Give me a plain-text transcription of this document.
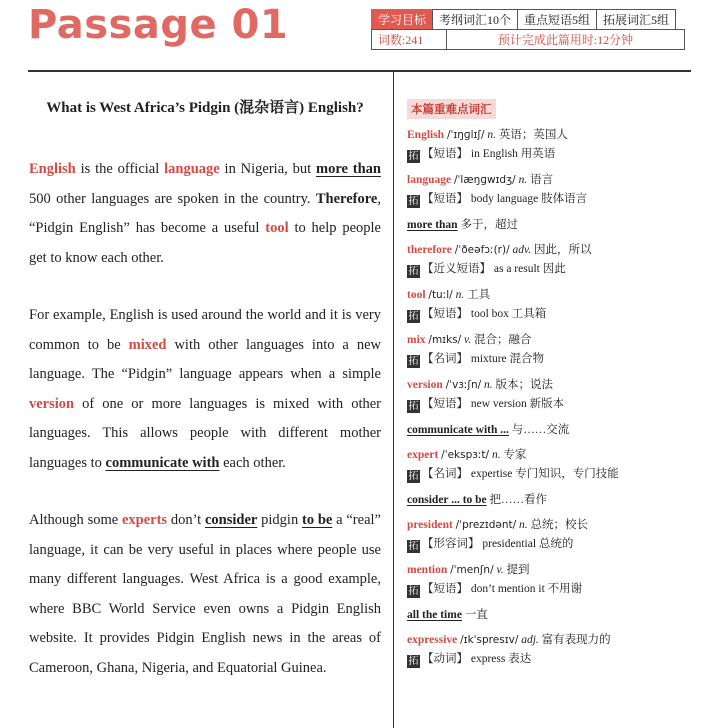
Passage 01	学习目标	考纲词汇10个	重点短语5组	拓展词汇5组
词数:241	预计完成此篇用时:12分钟
What is West Africa’s Pidgin (混杂语言) English?

English is the official language in Nigeria, but more than 500 other languages are spoken in the country. Therefore, “Pidgin English” has become a useful tool to help people get to know each other.

For example, English is used around the world and it is very common to be mixed with other languages into a new language. The “Pidgin” language appears when a simple version of one or more languages is mixed with other languages. This allows people with different mother languages to communicate with each other.

Although some experts don’t consider pidgin to be a “real” language, it can be very useful in places where people use many different languages. West Africa is a good example, where BBC World Service even owns a Pidgin English website. It provides Pidgin English news in the areas of Cameroon, Ghana, Nigeria, and Equatorial Guinea.

本篇重难点词汇
English /ˈɪŋɡlɪʃ/ n. 英语；英国人
拓 【短语】 in English 用英语
language /ˈlæŋɡwɪdʒ/ n. 语言
拓 【短语】 body language 肢体语言
more than 多于，超过
therefore /ˈðeəfɔː(r)/ adv. 因此，所以
拓 【近义短语】 as a result 因此
tool /tuːl/ n. 工具
拓 【短语】 tool box 工具箱
mix /mɪks/ v. 混合；融合
拓 【名词】 mixture 混合物
version /ˈvɜːʃn/ n. 版本；说法
拓 【短语】 new version 新版本
communicate with ... 与……交流
expert /ˈekspɜːt/ n. 专家
拓 【名词】 expertise 专门知识，专门技能
consider ... to be 把……看作
president /ˈprezɪdənt/ n. 总统；校长
拓 【形容词】 presidential 总统的
mention /ˈmenʃn/ v. 提到
拓 【短语】 don’t mention it 不用谢
all the time 一直
expressive /ɪkˈspresɪv/ adj. 富有表现力的
拓 【动词】 express 表达
